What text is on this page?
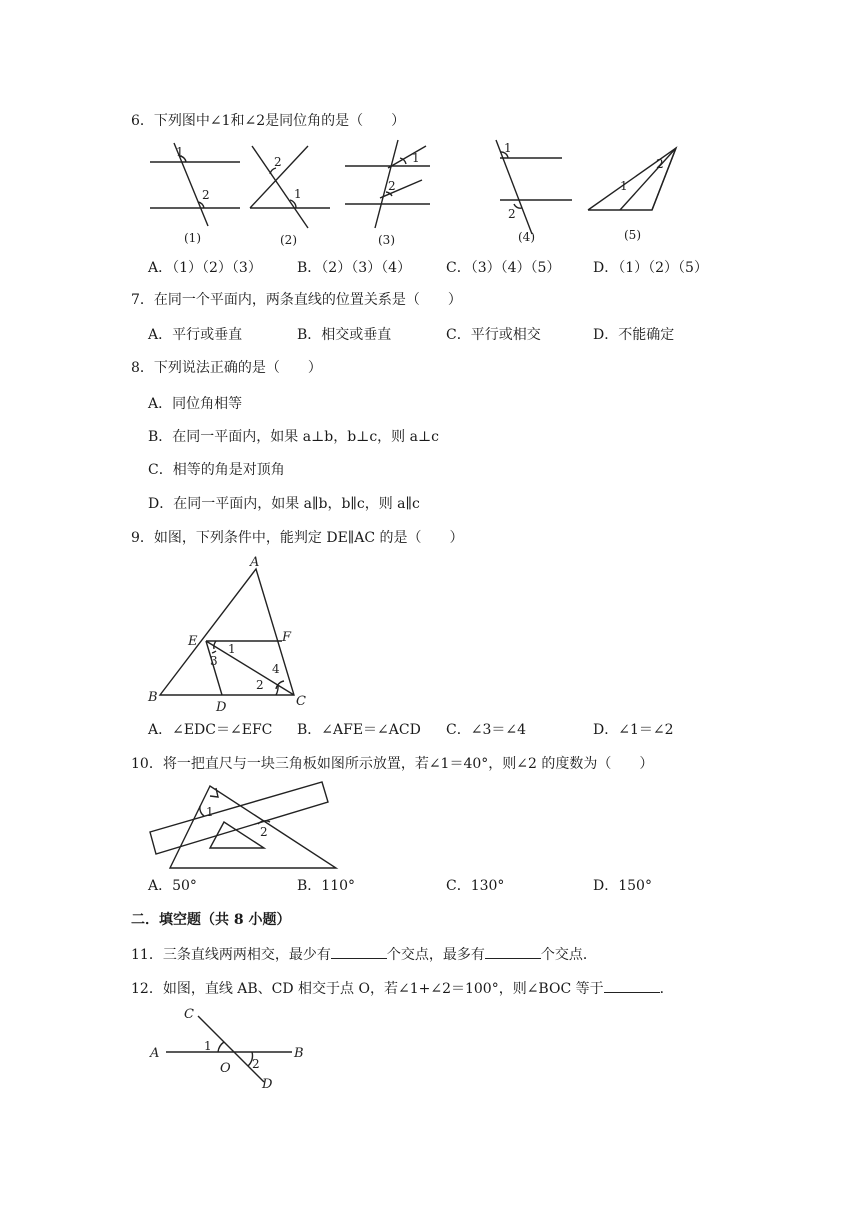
6．下列图中∠1和∠2是同位角的是（　　）
1
2
2
1
1
2
1
2
1
2
(1)	(2)	(3)	(4)	(5)
A．（1）（2）（3）	B．（2）（3）（4） C．（3）（4）（5） D．（1）（2）（5）
7．在同一个平面内，两条直线的位置关系是（　　）
A．平行或垂直	B．相交或垂直	C．平行或相交	D．不能确定
8．下列说法正确的是（　　）
A．同位角相等
B．在同一平面内，如果 a⊥b，b⊥c，则 a⊥c
C．相等的角是对顶角
D．在同一平面内，如果 a∥b，b∥c，则 a∥c
9．如图，下列条件中，能判定 DE∥AC 的是（　　）
A
B	C
D
E	F
1
2
3
4
A．∠EDC＝∠EFC B．∠AFE＝∠ACD C．∠3＝∠4	D．∠1＝∠2
10．将一把直尺与一块三角板如图所示放置，若∠1＝40°，则∠2 的度数为（　　）
1
2
A．50°	B．110°	C．130°	D．150°
二．填空题（共 8 小题）
11．三条直线两两相交，最少有	个交点，最多有	个交点．
12．如图，直线 AB、CD 相交于点 O，若∠1+∠2＝100°，则∠BOC 等于	．
A	B
C
D
O
1
2
